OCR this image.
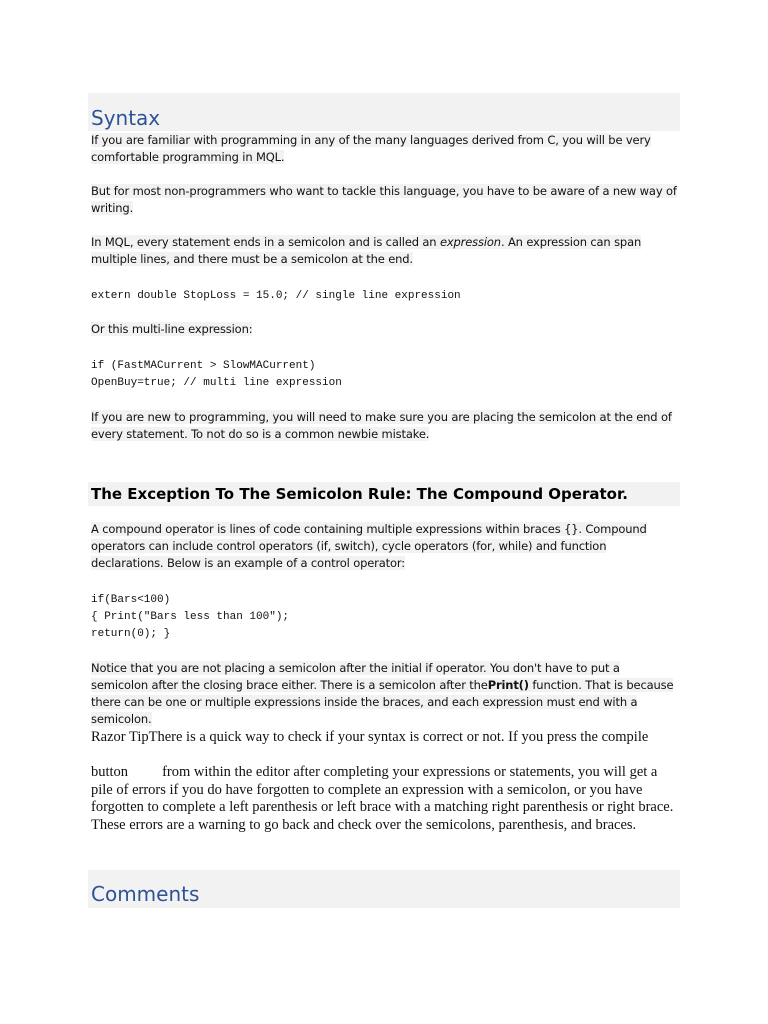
Syntax

If you are familiar with programming in any of the many languages derived from C, you will be very comfortable programming in MQL.

But for most non-programmers who want to tackle this language, you have to be aware of a new way of writing.

In MQL, every statement ends in a semicolon and is called an expression. An expression can span multiple lines, and there must be a semicolon at the end.

extern double StopLoss = 15.0; // single line expression

Or this multi-line expression:

if (FastMACurrent > SlowMACurrent)
OpenBuy=true; // multi line expression

If you are new to programming, you will need to make sure you are placing the semicolon at the end of every statement. To not do so is a common newbie mistake.

The Exception To The Semicolon Rule: The Compound Operator.

A compound operator is lines of code containing multiple expressions within braces {}. Compound operators can include control operators (if, switch), cycle operators (for, while) and function declarations. Below is an example of a control operator:

if(Bars<100)
{ Print("Bars less than 100");
return(0); }

Notice that you are not placing a semicolon after the initial if operator. You don't have to put a semicolon after the closing brace either. There is a semicolon after thePrint() function. That is because there can be one or multiple expressions inside the braces, and each expression must end with a semicolon.

Razor TipThere is a quick way to check if your syntax is correct or not. If you press the compile

button from within the editor after completing your expressions or statements, you will get a pile of errors if you do have forgotten to complete an expression with a semicolon, or you have forgotten to complete a left parenthesis or left brace with a matching right parenthesis or right brace. These errors are a warning to go back and check over the semicolons, parenthesis, and braces.

Comments
